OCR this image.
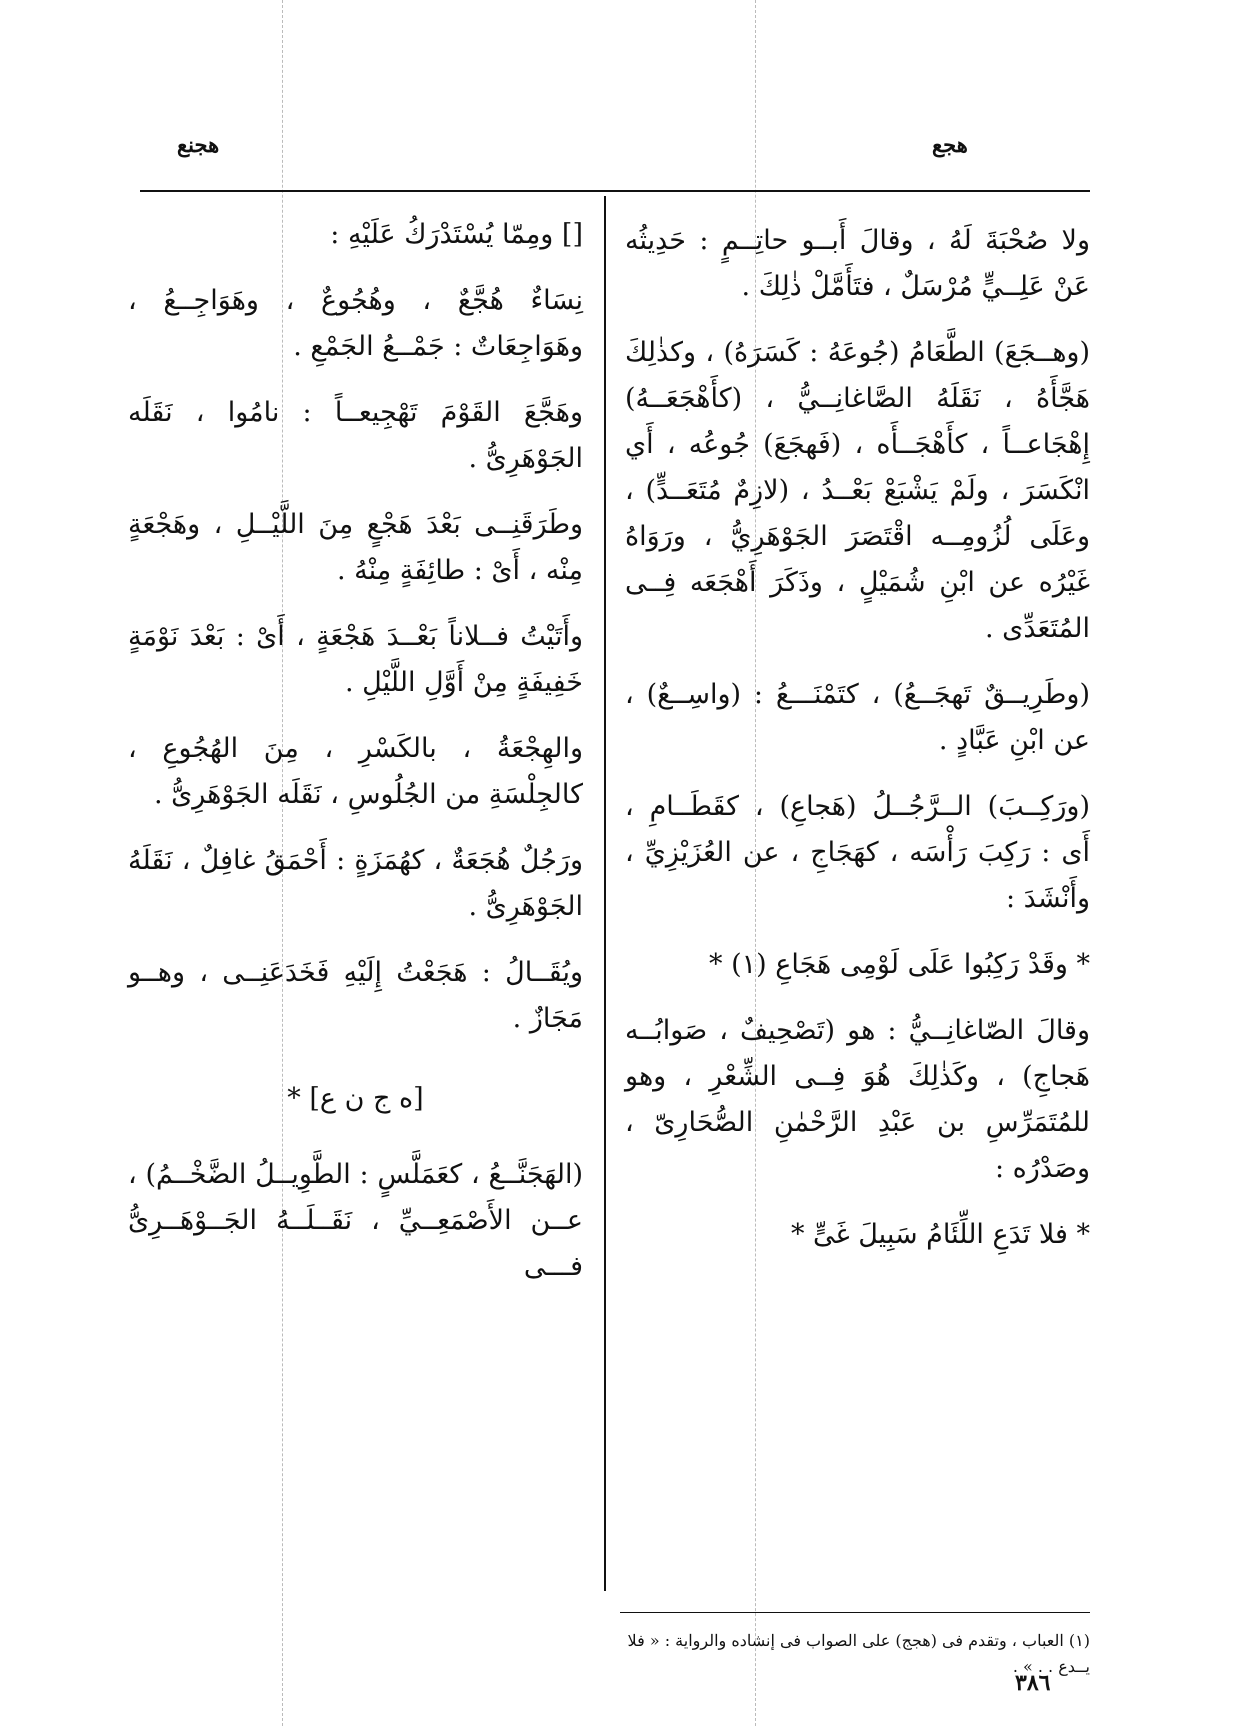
هجع
هجنع

ولا صُحْبَةَ لَهُ ، وقالَ أَبــو حاتِــمٍ : حَدِيثُه عَنْ عَلِــيٍّ مُرْسَلٌ ، فتَأَمَّلْ ذٰلِكَ .

(وهــجَعَ) الطَّعَامُ (جُوعَهُ : كَسَرَهُ) ، وكذٰلِكَ هَجَّأَهُ ، نَقَلَهُ الصَّاغانِــيُّ ، (كأَهْجَعَــهُ) إِهْجَاعــاً ، كأَهْجَــأَه ، (فَهجَعَ) جُوعُه ، أَي انْكَسَرَ ، ولَمْ يَشْبَعْ بَعْــدُ ، (لازِمٌ مُتَعَــدٍّ) ، وعَلَى لُزُومِــه اقْتَصَرَ الجَوْهَرِيُّ ، ورَوَاهُ غَيْرُه عن ابْنِ شُمَيْلٍ ، وذَكَرَ أَهْجَعَه فِــى المُتَعَدِّى .

(وطَرِيــقٌ تَهجَــعُ) ، كتَمْنَـــعُ : (واسِــعٌ) ، عن ابْنِ عَبَّادٍ .

(ورَكِــبَ) الــرَّجُــلُ (هَجاعِ) ، كقَطَــامِ ، أَى : رَكِبَ رَأْسَه ، كهَجَاجِ ، عن العُزَيْزِيِّ ، وأَنْشَدَ :

* وقَدْ رَكِبُوا عَلَى لَوْمِى هَجَاعِ (١) *

وقالَ الصّاغانِــيُّ : هو (تَصْحِيفٌ ، صَوابُــه هَجاجِ) ، وكَذٰلِكَ هُوَ فِــى الشِّعْرِ ، وهو للمُتَمَرِّسِ بن عَبْدِ الرَّحْمٰنِ الصُّحَارِىّ ، وصَدْرُه :

* فلا تَدَعِ اللِّئَامُ سَبِيلَ غَىٍّ *

[] ومِمّا يُسْتَدْرَكُ عَلَيْهِ :

نِسَاءٌ هُجَّعٌ ، وهُجُوعٌ ، وهَوَاجِــعُ ، وهَوَاجِعَاتٌ : جَمْــعُ الجَمْعِ .

وهَجَّعَ القَوْمَ تَهْجِيعــاً : نامُوا ، نَقَلَه الجَوْهَرِىُّ .

وطَرَقَنِــى بَعْدَ هَجْعٍ مِنَ اللَّيْــلِ ، وهَجْعَةٍ مِنْه ، أَىْ : طائِفَةٍ مِنْهُ .

وأَتَيْتُ فــلاناً بَعْــدَ هَجْعَةٍ ، أَىْ : بَعْدَ نَوْمَةٍ خَفِيفَةٍ مِنْ أَوَّلِ اللَّيْلِ .

والهِجْعَةُ ، بالكَسْرِ ، مِنَ الهُجُوعِ ، كالجِلْسَةِ من الجُلُوسِ ، نَقَلَه الجَوْهَرِىُّ .

ورَجُلٌ هُجَعَةٌ ، كهُمَزَةٍ : أَحْمَقُ غافِلٌ ، نَقَلَهُ الجَوْهَرِىُّ .

ويُقَــالُ : هَجَعْتُ إِلَيْهِ فَخَدَعَنِــى ، وهــو مَجَازٌ .

[ه ج ن ع] *

(الهَجَنَّــعُ ، كعَمَلَّسٍ : الطَّوِيــلُ الضَّخْــمُ) ، عــن الأَصْمَعِــيِّ ، نَقَــلَــهُ الجَــوْهَــرِىُّ فـــى

(١) العباب ، وتقدم فى (هجج) على الصواب فى إنشاده والرواية : « فلا يــدع . . » .
٣٨٦
